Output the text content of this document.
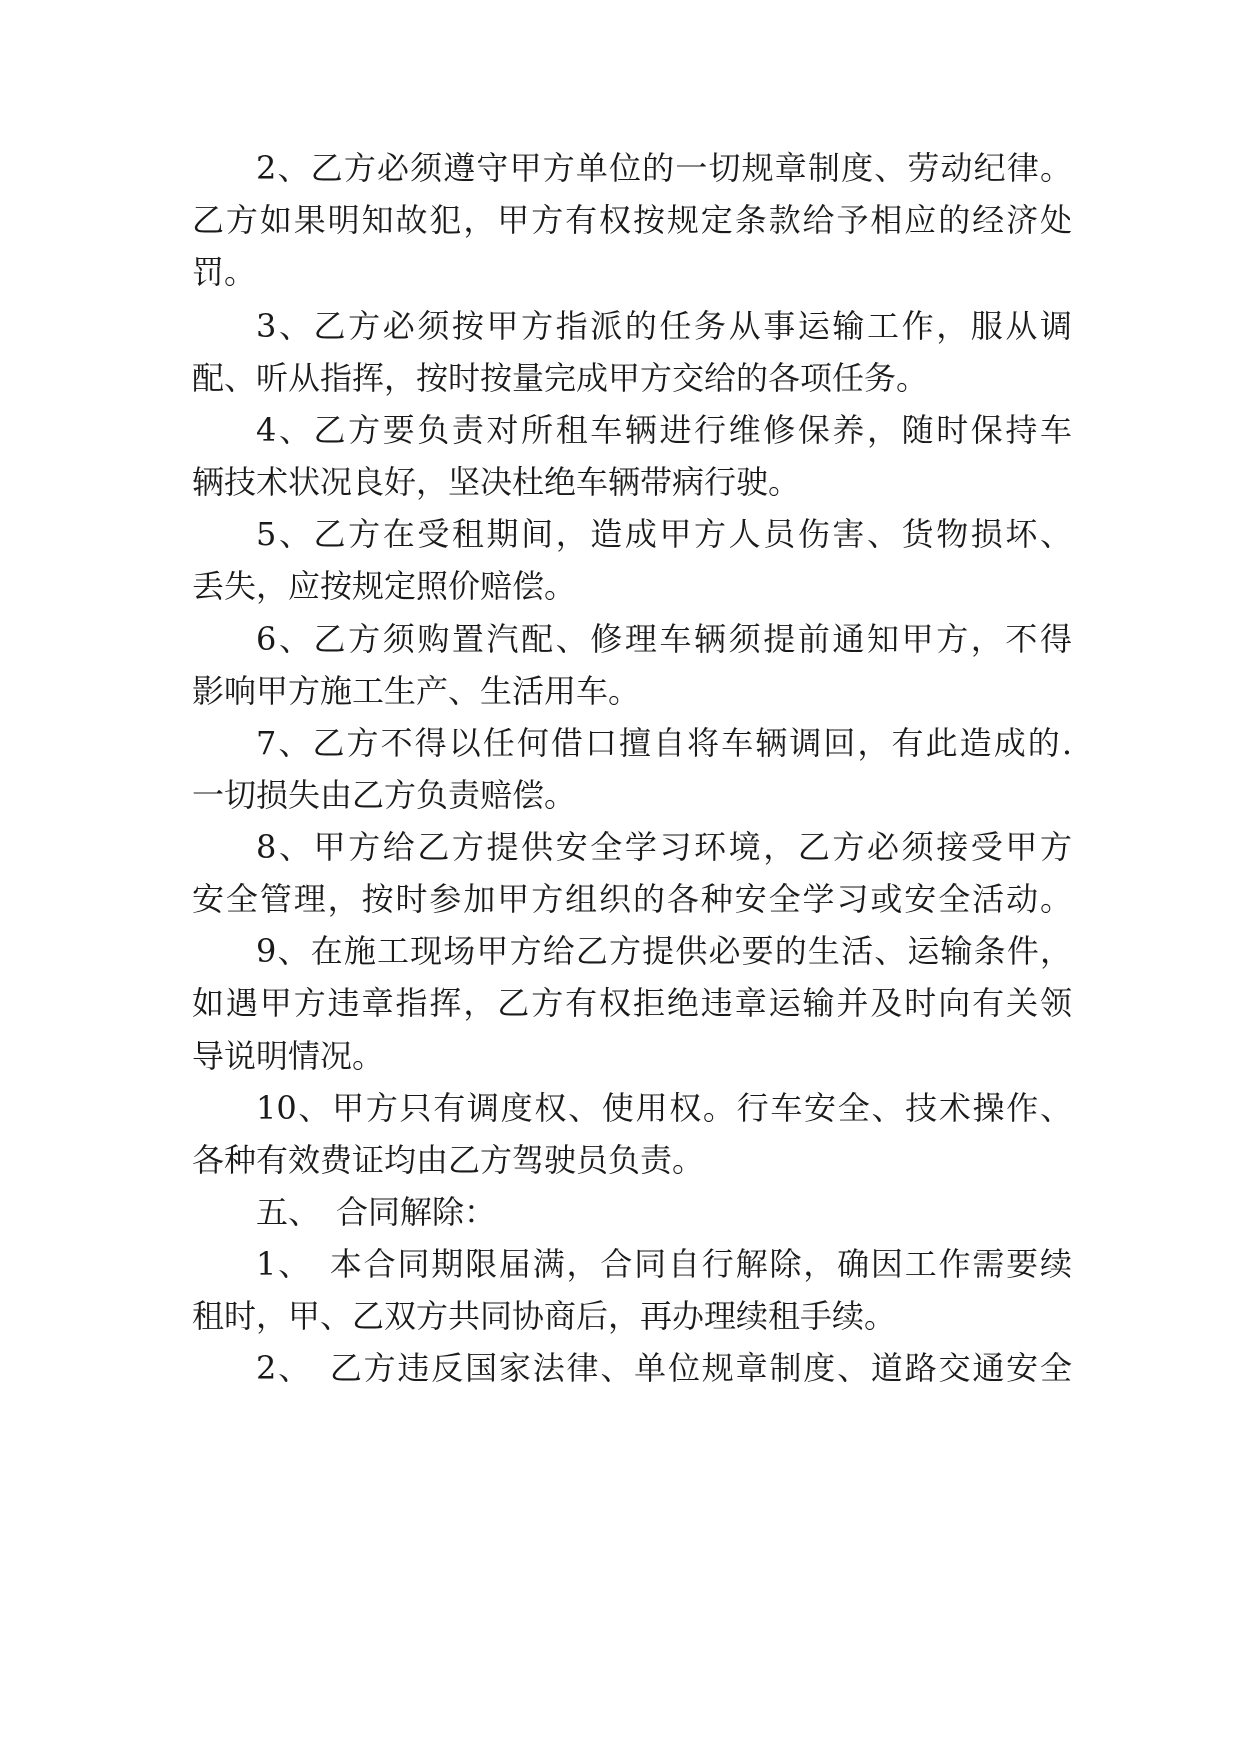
2、乙方必须遵守甲方单位的一切规章制度、劳动纪律。
乙方如果明知故犯，甲方有权按规定条款给予相应的经济处
罚。
3、乙方必须按甲方指派的任务从事运输工作，服从调
配、听从指挥，按时按量完成甲方交给的各项任务。
4、乙方要负责对所租车辆进行维修保养，随时保持车
辆技术状况良好，坚决杜绝车辆带病行驶。
5、乙方在受租期间，造成甲方人员伤害、货物损坏、
丢失，应按规定照价赔偿。
6、乙方须购置汽配、修理车辆须提前通知甲方，不得
影响甲方施工生产、生活用车。
7、乙方不得以任何借口擅自将车辆调回，有此造成的.
一切损失由乙方负责赔偿。
8、甲方给乙方提供安全学习环境，乙方必须接受甲方
安全管理，按时参加甲方组织的各种安全学习或安全活动。
9、在施工现场甲方给乙方提供必要的生活、运输条件，
如遇甲方违章指挥，乙方有权拒绝违章运输并及时向有关领
导说明情况。
10、甲方只有调度权、使用权。行车安全、技术操作、
各种有效费证均由乙方驾驶员负责。
五、　合同解除：
1、　本合同期限届满，合同自行解除，确因工作需要续
租时，甲、乙双方共同协商后，再办理续租手续。
2、　乙方违反国家法律、单位规章制度、道路交通安全
